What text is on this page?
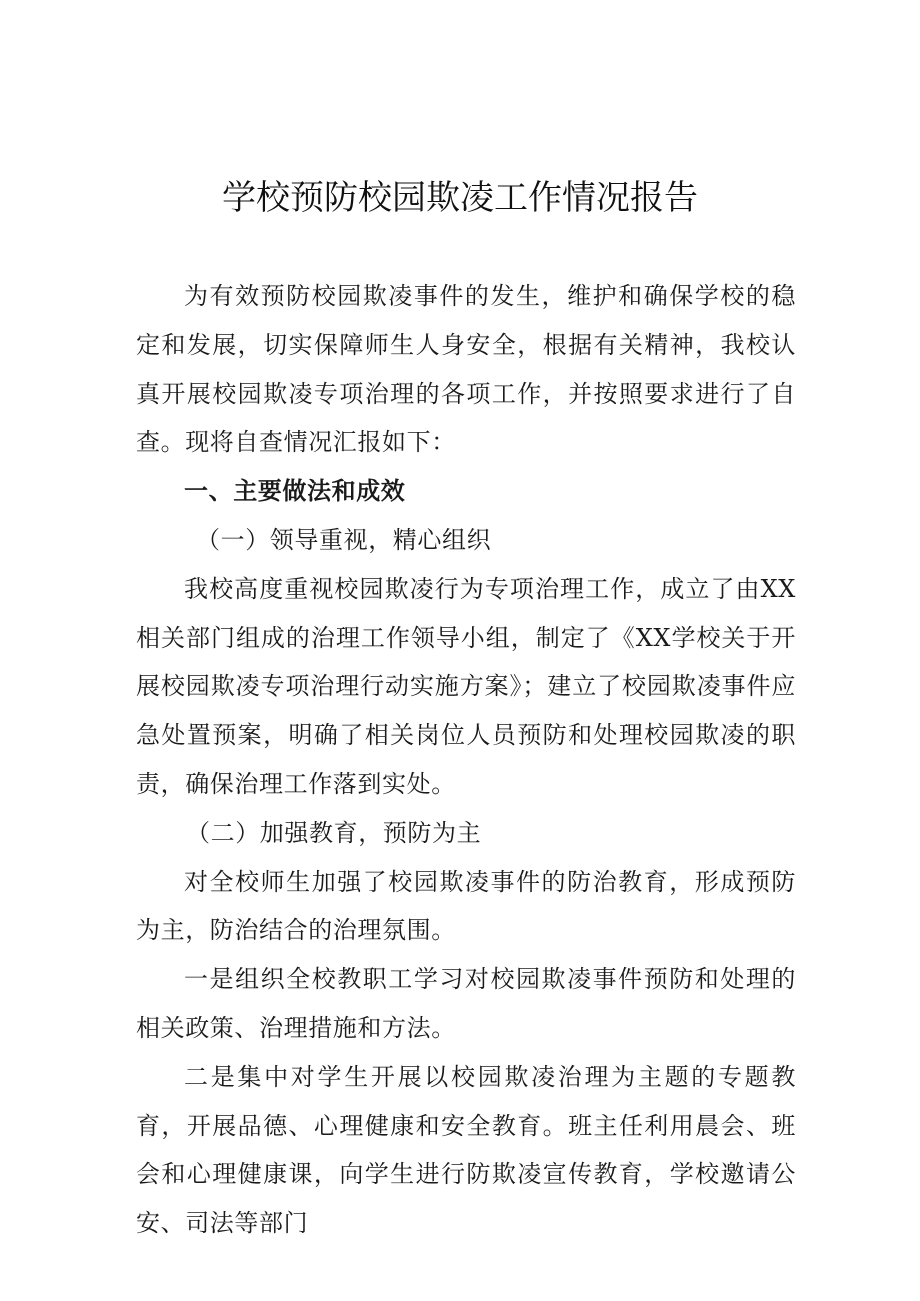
学校预防校园欺凌工作情况报告

为有效预防校园欺凌事件的发生，维护和确保学校的稳定和发展，切实保障师生人身安全，根据有关精神，我校认真开展校园欺凌专项治理的各项工作，并按照要求进行了自查。现将自查情况汇报如下：

一、主要做法和成效

（一）领导重视，精心组织

我校高度重视校园欺凌行为专项治理工作，成立了由XX相关部门组成的治理工作领导小组，制定了《XX学校关于开展校园欺凌专项治理行动实施方案》；建立了校园欺凌事件应急处置预案，明确了相关岗位人员预防和处理校园欺凌的职责，确保治理工作落到实处。

（二）加强教育，预防为主

对全校师生加强了校园欺凌事件的防治教育，形成预防为主，防治结合的治理氛围。

一是组织全校教职工学习对校园欺凌事件预防和处理的相关政策、治理措施和方法。

二是集中对学生开展以校园欺凌治理为主题的专题教育，开展品德、心理健康和安全教育。班主任利用晨会、班会和心理健康课，向学生进行防欺凌宣传教育，学校邀请公安、司法等部门
